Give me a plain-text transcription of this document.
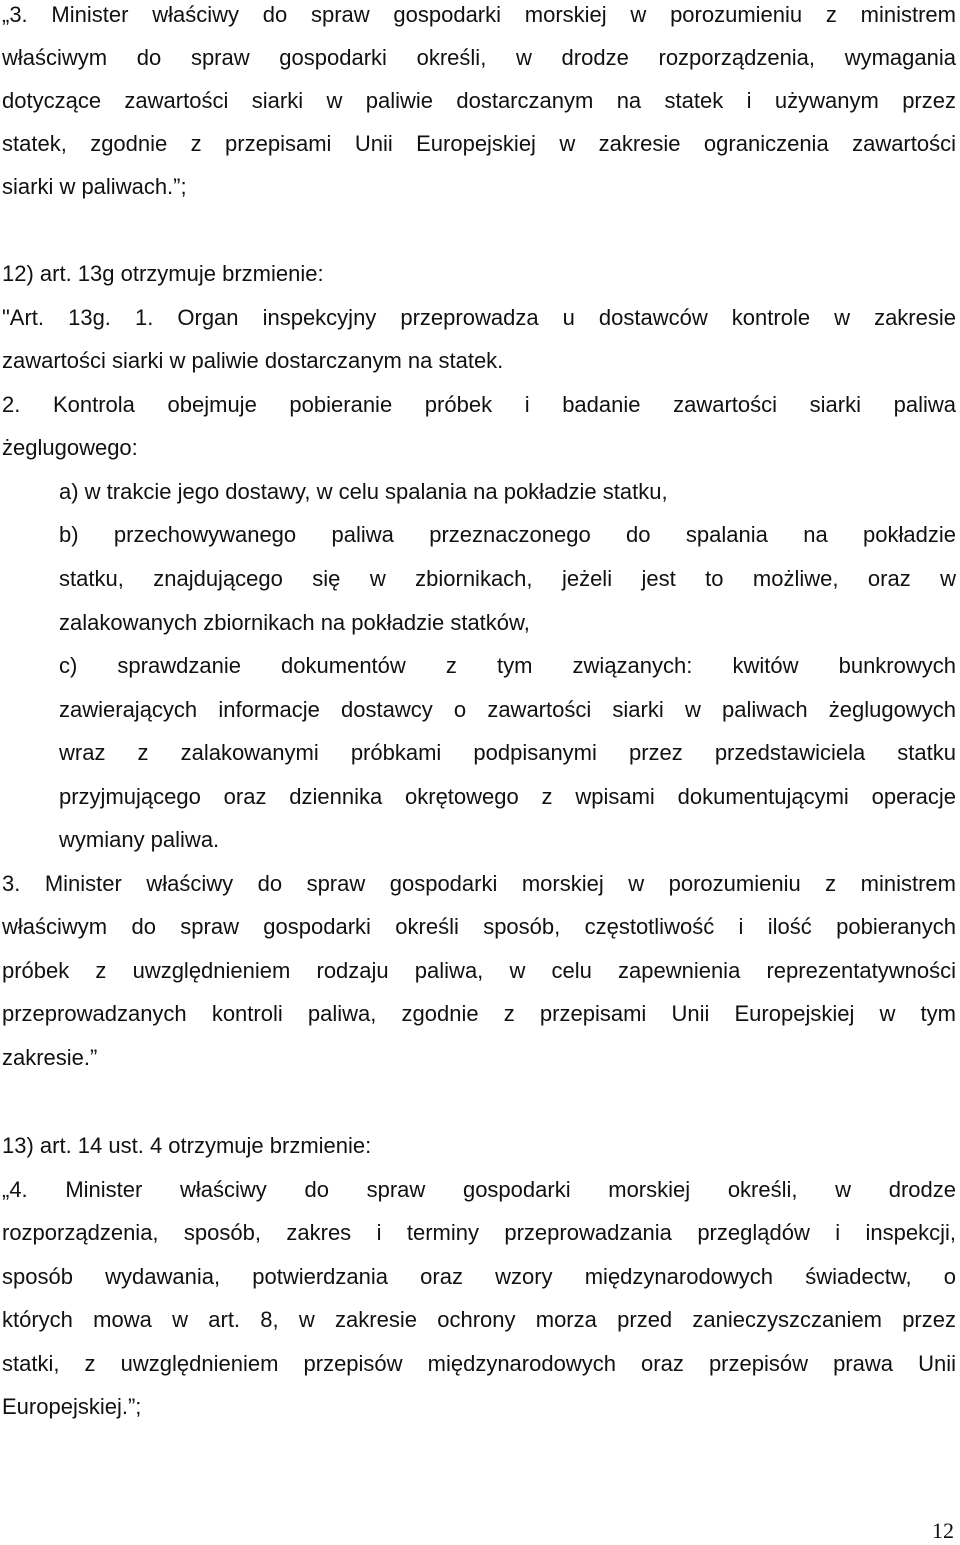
„3. Minister właściwy do spraw gospodarki morskiej w porozumieniu z ministrem
właściwym do spraw gospodarki określi, w drodze rozporządzenia, wymagania
dotyczące zawartości siarki w paliwie dostarczanym na statek i używanym przez
statek, zgodnie z przepisami Unii Europejskiej w zakresie ograniczenia zawartości
siarki w paliwach.”;
12) art. 13g otrzymuje brzmienie:
"Art. 13g. 1. Organ inspekcyjny przeprowadza u dostawców kontrole w zakresie
zawartości siarki w paliwie dostarczanym na statek.
2. Kontrola obejmuje pobieranie próbek i badanie zawartości siarki paliwa
żeglugowego:
a) w trakcie jego dostawy, w celu spalania na pokładzie statku,
b) przechowywanego paliwa przeznaczonego do spalania na pokładzie
statku, znajdującego się w zbiornikach, jeżeli jest to możliwe, oraz w
zalakowanych zbiornikach na pokładzie statków,
c) sprawdzanie dokumentów z tym związanych: kwitów bunkrowych
zawierających informacje dostawcy o zawartości siarki w paliwach żeglugowych
wraz z zalakowanymi próbkami podpisanymi przez przedstawiciela statku
przyjmującego oraz dziennika okrętowego z wpisami dokumentującymi operacje
wymiany paliwa.
3. Minister właściwy do spraw gospodarki morskiej w porozumieniu z ministrem
właściwym do spraw gospodarki określi sposób, częstotliwość i ilość pobieranych
próbek z uwzględnieniem rodzaju paliwa, w celu zapewnienia reprezentatywności
przeprowadzanych kontroli paliwa, zgodnie z przepisami Unii Europejskiej w tym
zakresie.”
13) art. 14 ust. 4 otrzymuje brzmienie:
„4. Minister właściwy do spraw gospodarki morskiej określi, w drodze
rozporządzenia, sposób, zakres i terminy przeprowadzania przeglądów i inspekcji,
sposób wydawania, potwierdzania oraz wzory międzynarodowych świadectw, o
których mowa w art. 8, w zakresie ochrony morza przed zanieczyszczaniem przez
statki, z uwzględnieniem przepisów międzynarodowych oraz przepisów prawa Unii
Europejskiej.”;
12
